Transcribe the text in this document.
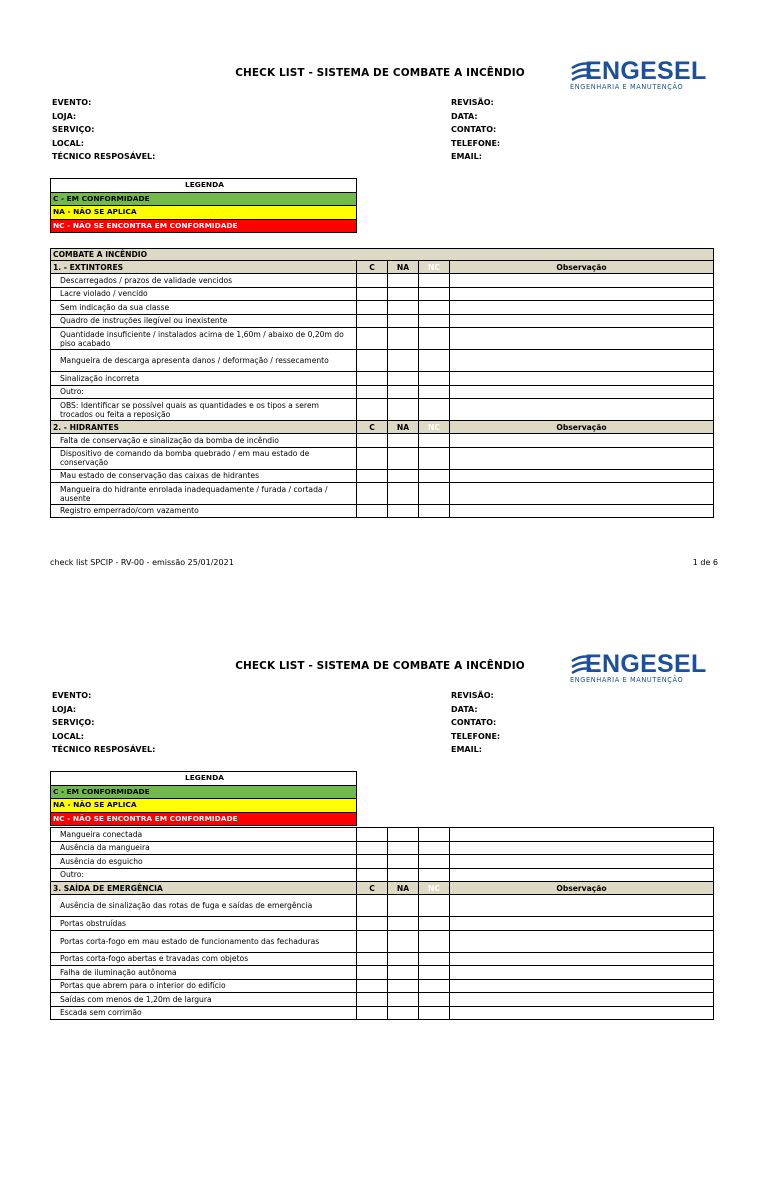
CHECK LIST - SISTEMA DE COMBATE A INCÊNDIO	ENGESEL
ENGENHARIA E MANUTENÇÃO
EVENTO:
LOJA:
SERVIÇO:
LOCAL:
TÉCNICO RESPOSÁVEL:
REVISÃO:
DATA:
CONTATO:
TELEFONE:
EMAIL:
LEGENDA
C - EM CONFORMIDADE
NA - NÃO SE APLICA
NC - NÃO SE ENCONTRA EM CONFORMIDADE
COMBATE A INCÊNDIO				
1. - EXTINTORES	C	NA	NC	Observação
Descarregados / prazos de validade vencidos				
Lacre violado / vencido				
Sem indicação da sua classe				
Quadro de instruções ilegível ou inexistente				
Quantidade insuficiente / instalados acima de 1,60m / abaixo de 0,20m do piso acabado				
Mangueira de descarga apresenta danos / deformação / ressecamento				
Sinalização incorreta				
Outro:				
OBS: Identificar se possível quais as quantidades e os tipos a serem trocados ou feita a reposição				
2. - HIDRANTES	C	NA	NC	Observação
Falta de conservação e sinalização da bomba de incêndio				
Dispositivo de comando da bomba quebrado / em mau estado de conservação				
Mau estado de conservação das caixas de hidrantes				
Mangueira do hidrante enrolada inadequadamente / furada / cortada / ausente				
Registro emperrado/com vazamento				
check list SPCIP - RV-00 - emissão 25/01/2021	1 de 6
CHECK LIST - SISTEMA DE COMBATE A INCÊNDIO	ENGESEL
ENGENHARIA E MANUTENÇÃO
EVENTO:
LOJA:
SERVIÇO:
LOCAL:
TÉCNICO RESPOSÁVEL:
REVISÃO:
DATA:
CONTATO:
TELEFONE:
EMAIL:
LEGENDA
C - EM CONFORMIDADE
NA - NÃO SE APLICA
NC - NÃO SE ENCONTRA EM CONFORMIDADE
Mangueira conectada				
Ausência da mangueira				
Ausência do esguicho				
Outro:				
3. SAÍDA DE EMERGÊNCIA	C	NA	NC	Observação
Ausência de sinalização das rotas de fuga e saídas de emergência				
Portas obstruídas				
Portas corta-fogo em mau estado de funcionamento das fechaduras				
Portas corta-fogo abertas e travadas com objetos				
Falha de iluminação autônoma				
Portas que abrem para o interior do edifício				
Saídas com menos de 1,20m de largura				
Escada sem corrimão				
